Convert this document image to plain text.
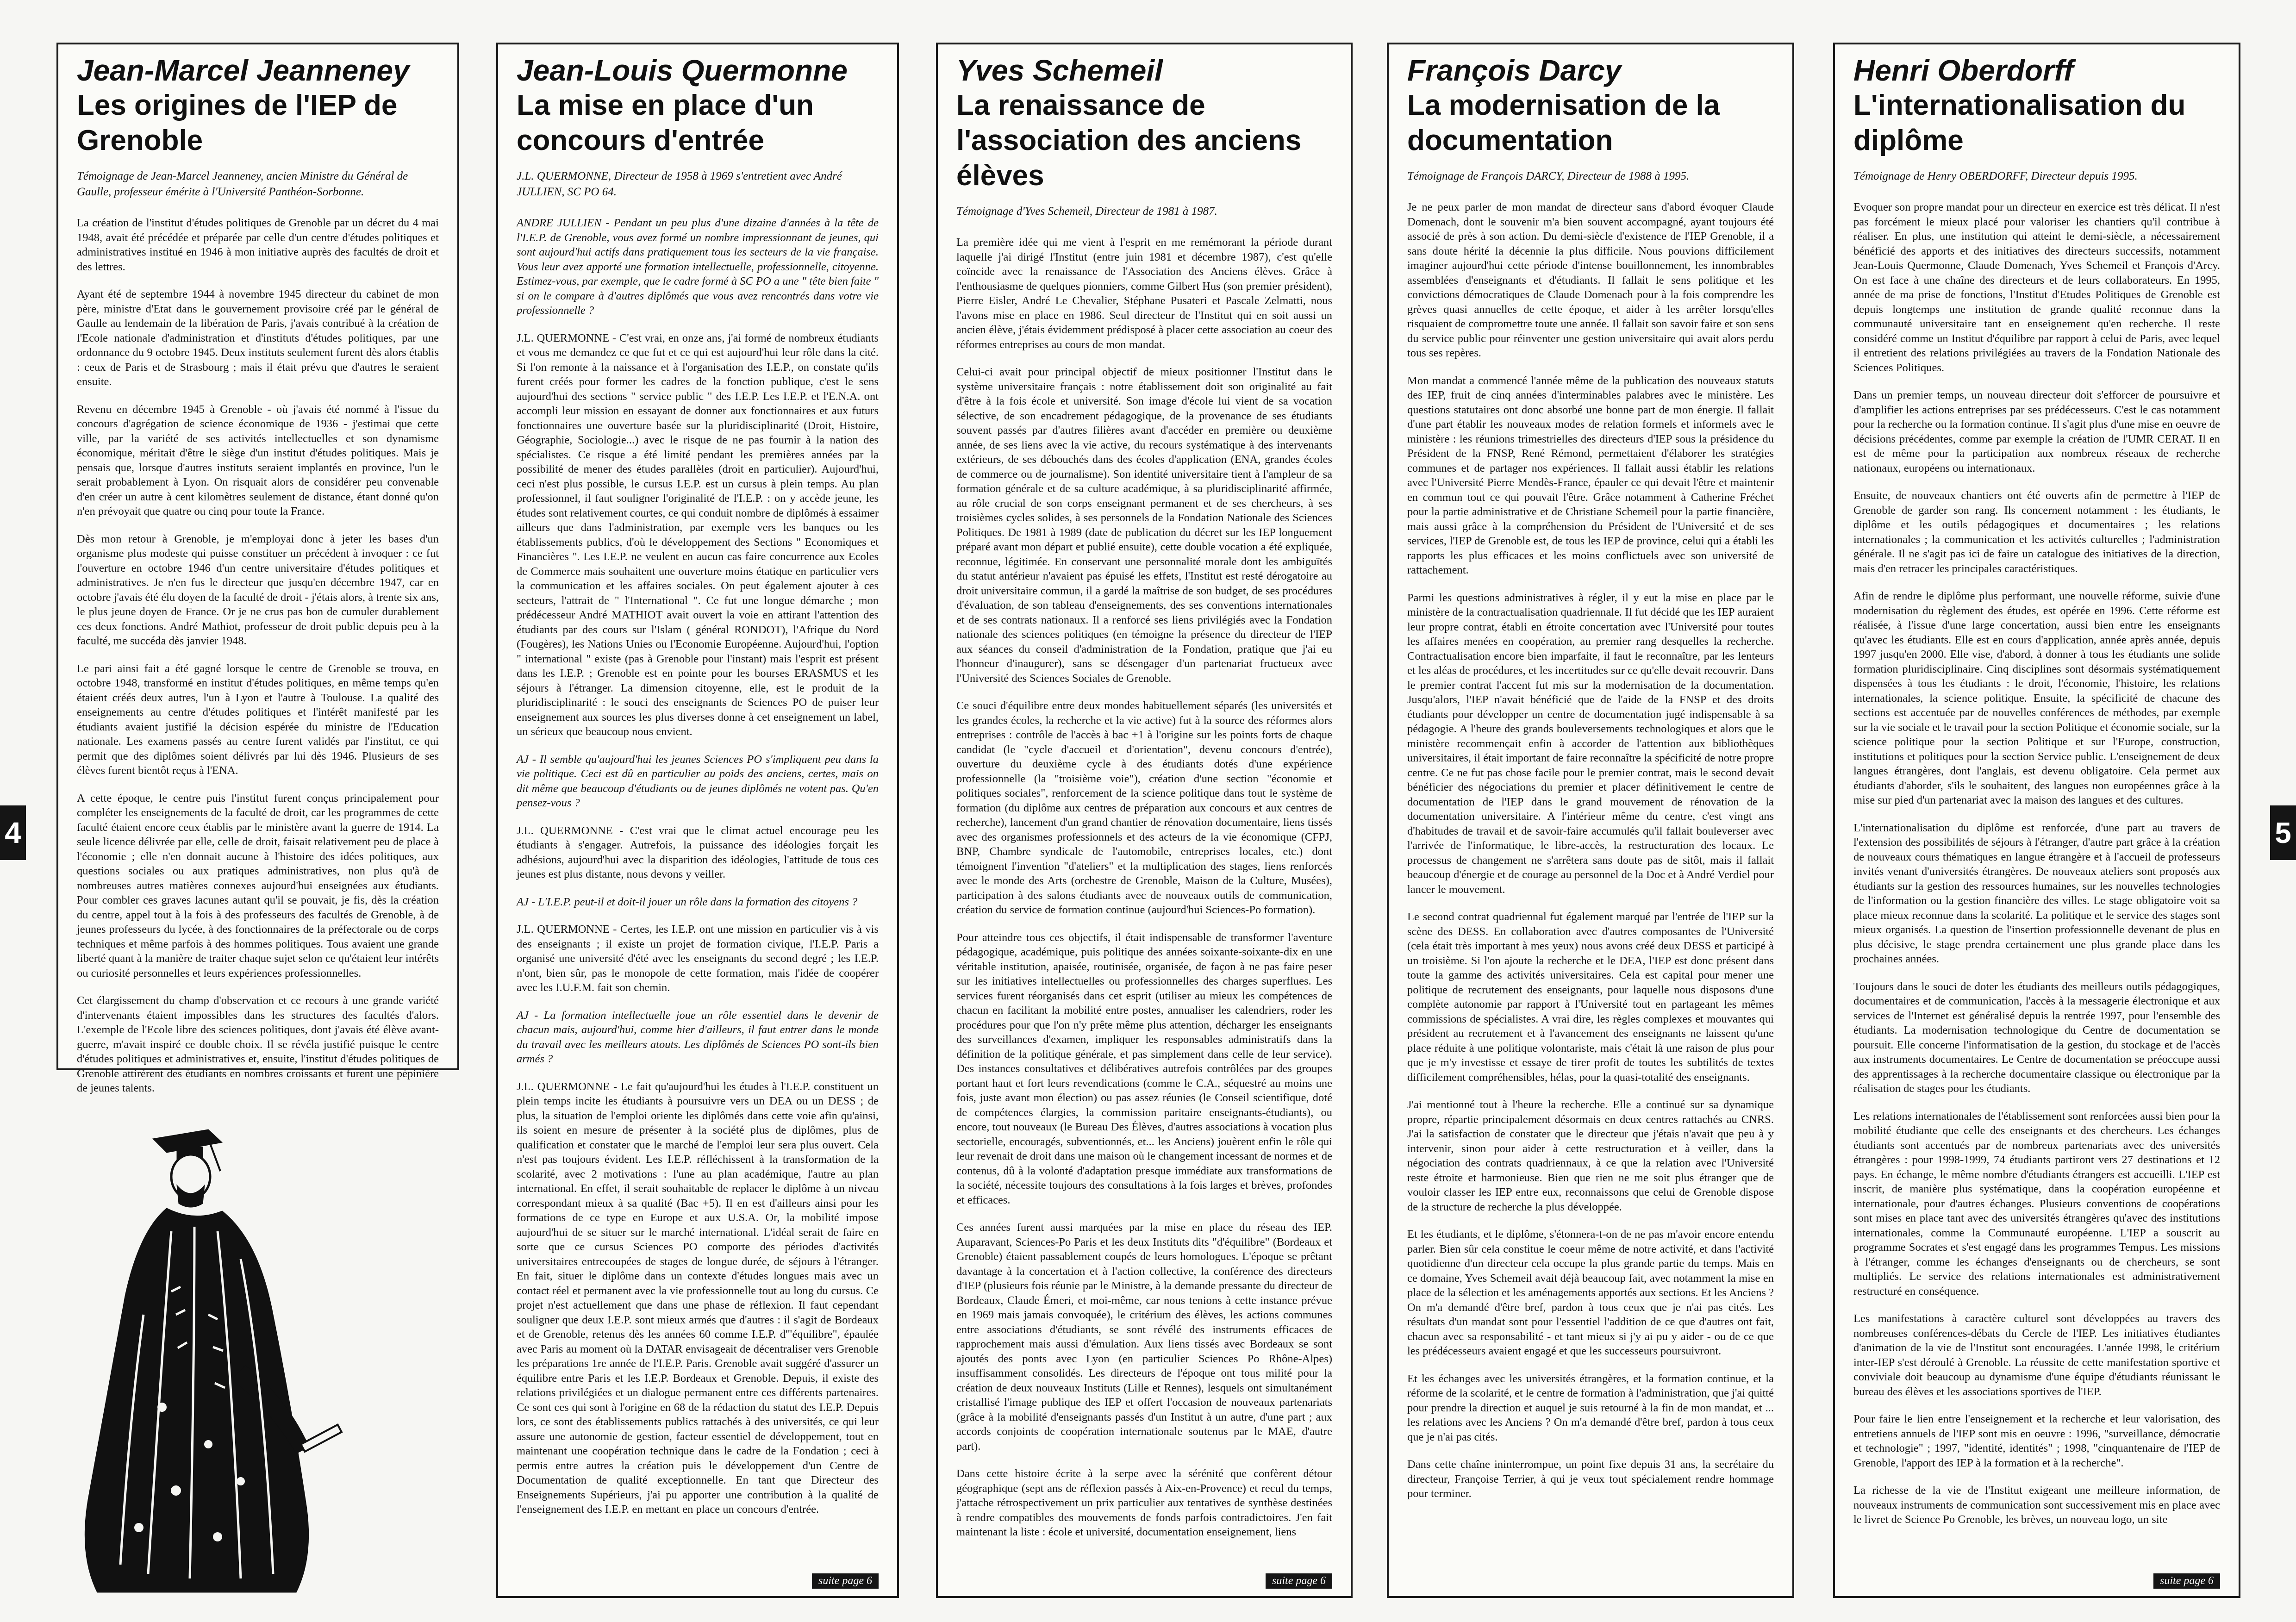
4	5
Jean-Marcel Jeanneney
Les origines de l'IEP de Grenoble

Témoignage de Jean-Marcel Jeanneney, ancien Ministre du Général de Gaulle, professeur émérite à l'Université Panthéon-Sorbonne.

La création de l'institut d'études politiques de Grenoble par un décret du 4 mai 1948, avait été précédée et préparée par celle d'un centre d'études politiques et administratives institué en 1946 à mon initiative auprès des facultés de droit et des lettres.

Ayant été de septembre 1944 à novembre 1945 directeur du cabinet de mon père, ministre d'Etat dans le gouvernement provisoire créé par le général de Gaulle au lendemain de la libération de Paris, j'avais contribué à la création de l'Ecole nationale d'administration et d'instituts d'études politiques, par une ordonnance du 9 octobre 1945. Deux instituts seulement furent dès alors établis : ceux de Paris et de Strasbourg ; mais il était prévu que d'autres le seraient ensuite.

Revenu en décembre 1945 à Grenoble - où j'avais été nommé à l'issue du concours d'agrégation de science économique de 1936 - j'estimai que cette ville, par la variété de ses activités intellectuelles et son dynamisme économique, méritait d'être le siège d'un institut d'études politiques. Mais je pensais que, lorsque d'autres instituts seraient implantés en province, l'un le serait probablement à Lyon. On risquait alors de considérer peu convenable d'en créer un autre à cent kilomètres seulement de distance, étant donné qu'on n'en prévoyait que quatre ou cinq pour toute la France.

Dès mon retour à Grenoble, je m'employai donc à jeter les bases d'un organisme plus modeste qui puisse constituer un précédent à invoquer : ce fut l'ouverture en octobre 1946 d'un centre universitaire d'études politiques et administratives. Je n'en fus le directeur que jusqu'en décembre 1947, car en octobre j'avais été élu doyen de la faculté de droit - j'étais alors, à trente six ans, le plus jeune doyen de France. Or je ne crus pas bon de cumuler durablement ces deux fonctions. André Mathiot, professeur de droit public depuis peu à la faculté, me succéda dès janvier 1948.

Le pari ainsi fait a été gagné lorsque le centre de Grenoble se trouva, en octobre 1948, transformé en institut d'études politiques, en même temps qu'en étaient créés deux autres, l'un à Lyon et l'autre à Toulouse. La qualité des enseignements au centre d'études politiques et l'intérêt manifesté par les étudiants avaient justifié la décision espérée du ministre de l'Education nationale. Les examens passés au centre furent validés par l'institut, ce qui permit que des diplômes soient délivrés par lui dès 1946. Plusieurs de ses élèves furent bientôt reçus à l'ENA.

A cette époque, le centre puis l'institut furent conçus principalement pour compléter les enseignements de la faculté de droit, car les programmes de cette faculté étaient encore ceux établis par le ministère avant la guerre de 1914. La seule licence délivrée par elle, celle de droit, faisait relativement peu de place à l'économie ; elle n'en donnait aucune à l'histoire des idées politiques, aux questions sociales ou aux pratiques administratives, non plus qu'à de nombreuses autres matières connexes aujourd'hui enseignées aux étudiants. Pour combler ces graves lacunes autant qu'il se pouvait, je fis, dès la création du centre, appel tout à la fois à des professeurs des facultés de Grenoble, à de jeunes professeurs du lycée, à des fonctionnaires de la préfectorale ou de corps techniques et même parfois à des hommes politiques. Tous avaient une grande liberté quant à la manière de traiter chaque sujet selon ce qu'étaient leur intérêts ou curiosité personnelles et leurs expériences professionnelles.

Cet élargissement du champ d'observation et ce recours à une grande variété d'intervenants étaient impossibles dans les structures des facultés d'alors. L'exemple de l'Ecole libre des sciences politiques, dont j'avais été élève avant-guerre, m'avait inspiré ce double choix. Il se révéla justifié puisque le centre d'études politiques et administratives et, ensuite, l'institut d'études politiques de Grenoble attirèrent des étudiants en nombres croissants et furent une pépinière de jeunes talents.

Jean-Louis Quermonne
La mise en place d'un concours d'entrée

J.L. QUERMONNE, Directeur de 1958 à 1969 s'entretient avec André JULLIEN, SC PO 64.

ANDRE JULLIEN - Pendant un peu plus d'une dizaine d'années à la tête de l'I.E.P. de Grenoble, vous avez formé un nombre impressionnant de jeunes, qui sont aujourd'hui actifs dans pratiquement tous les secteurs de la vie française. Vous leur avez apporté une formation intellectuelle, professionnelle, citoyenne. Estimez-vous, par exemple, que le cadre formé à SC PO a une " tête bien faite " si on le compare à d'autres diplômés que vous avez rencontrés dans votre vie professionnelle ?

J.L. QUERMONNE - C'est vrai, en onze ans, j'ai formé de nombreux étudiants et vous me demandez ce que fut et ce qui est aujourd'hui leur rôle dans la cité. Si l'on remonte à la naissance et à l'organisation des I.E.P., on constate qu'ils furent créés pour former les cadres de la fonction publique, c'est le sens aujourd'hui des sections " service public " des I.E.P. Les I.E.P. et l'E.N.A. ont accompli leur mission en essayant de donner aux fonctionnaires et aux futurs fonctionnaires une ouverture basée sur la pluridisciplinarité (Droit, Histoire, Géographie, Sociologie...) avec le risque de ne pas fournir à la nation des spécialistes. Ce risque a été limité pendant les premières années par la possibilité de mener des études parallèles (droit en particulier). Aujourd'hui, ceci n'est plus possible, le cursus I.E.P. est un cursus à plein temps. Au plan professionnel, il faut souligner l'originalité de l'I.E.P. : on y accède jeune, les études sont relativement courtes, ce qui conduit nombre de diplômés à essaimer ailleurs que dans l'administration, par exemple vers les banques ou les établissements publics, d'où le développement des Sections " Economiques et Financières ". Les I.E.P. ne veulent en aucun cas faire concurrence aux Ecoles de Commerce mais souhaitent une ouverture moins étatique en particulier vers la communication et les affaires sociales. On peut également ajouter à ces secteurs, l'attrait de " l'International ". Ce fut une longue démarche ; mon prédécesseur André MATHIOT avait ouvert la voie en attirant l'attention des étudiants par des cours sur l'Islam ( général RONDOT), l'Afrique du Nord (Fougères), les Nations Unies ou l'Economie Européenne. Aujourd'hui, l'option " international " existe (pas à Grenoble pour l'instant) mais l'esprit est présent dans les I.E.P. ; Grenoble est en pointe pour les bourses ERASMUS et les séjours à l'étranger. La dimension citoyenne, elle, est le produit de la pluridisciplinarité : le souci des enseignants de Sciences PO de puiser leur enseignement aux sources les plus diverses donne à cet enseignement un label, un sérieux que beaucoup nous envient.

AJ - Il semble qu'aujourd'hui les jeunes Sciences PO s'impliquent peu dans la vie politique. Ceci est dû en particulier au poids des anciens, certes, mais on dit même que beaucoup d'étudiants ou de jeunes diplômés ne votent pas. Qu'en pensez-vous ?

J.L. QUERMONNE - C'est vrai que le climat actuel encourage peu les étudiants à s'engager. Autrefois, la puissance des idéologies forçait les adhésions, aujourd'hui avec la disparition des idéologies, l'attitude de tous ces jeunes est plus distante, nous devons y veiller.

AJ - L'I.E.P. peut-il et doit-il jouer un rôle dans la formation des citoyens ?

J.L. QUERMONNE - Certes, les I.E.P. ont une mission en particulier vis à vis des enseignants ; il existe un projet de formation civique, l'I.E.P. Paris a organisé une université d'été avec les enseignants du second degré ; les I.E.P. n'ont, bien sûr, pas le monopole de cette formation, mais l'idée de coopérer avec les I.U.F.M. fait son chemin.

AJ - La formation intellectuelle joue un rôle essentiel dans le devenir de chacun mais, aujourd'hui, comme hier d'ailleurs, il faut entrer dans le monde du travail avec les meilleurs atouts. Les diplômés de Sciences PO sont-ils bien armés ?

J.L. QUERMONNE - Le fait qu'aujourd'hui les études à l'I.E.P. constituent un plein temps incite les étudiants à poursuivre vers un DEA ou un DESS ; de plus, la situation de l'emploi oriente les diplômés dans cette voie afin qu'ainsi, ils soient en mesure de présenter à la société plus de diplômes, plus de qualification et constater que le marché de l'emploi leur sera plus ouvert. Cela n'est pas toujours évident. Les I.E.P. réfléchissent à la transformation de la scolarité, avec 2 motivations : l'une au plan académique, l'autre au plan international. En effet, il serait souhaitable de replacer le diplôme à un niveau correspondant mieux à sa qualité (Bac +5). Il en est d'ailleurs ainsi pour les formations de ce type en Europe et aux U.S.A. Or, la mobilité impose aujourd'hui de se situer sur le marché international. L'idéal serait de faire en sorte que ce cursus Sciences PO comporte des périodes d'activités universitaires entrecoupées de stages de longue durée, de séjours à l'étranger. En fait, situer le diplôme dans un contexte d'études longues mais avec un contact réel et permanent avec la vie professionnelle tout au long du cursus. Ce projet n'est actuellement que dans une phase de réflexion. Il faut cependant souligner que deux I.E.P. sont mieux armés que d'autres : il s'agit de Bordeaux et de Grenoble, retenus dès les années 60 comme I.E.P. d'"équilibre", épaulée avec Paris au moment où la DATAR envisageait de décentraliser vers Grenoble les préparations 1re année de l'I.E.P. Paris. Grenoble avait suggéré d'assurer un équilibre entre Paris et les I.E.P. Bordeaux et Grenoble. Depuis, il existe des relations privilégiées et un dialogue permanent entre ces différents partenaires. Ce sont ces qui sont à l'origine en 68 de la rédaction du statut des I.E.P. Depuis lors, ce sont des établissements publics rattachés à des universités, ce qui leur assure une autonomie de gestion, facteur essentiel de développement, tout en maintenant une coopération technique dans le cadre de la Fondation ; ceci à permis entre autres la création puis le développement d'un Centre de Documentation de qualité exceptionnelle. En tant que Directeur des Enseignements Supérieurs, j'ai pu apporter une contribution à la qualité de l'enseignement des I.E.P. en mettant en place un concours d'entrée.

suite page 6
Yves Schemeil
La renaissance de l'association des anciens élèves

Témoignage d'Yves Schemeil, Directeur de 1981 à 1987.

La première idée qui me vient à l'esprit en me remémorant la période durant laquelle j'ai dirigé l'Institut (entre juin 1981 et décembre 1987), c'est qu'elle coïncide avec la renaissance de l'Association des Anciens élèves. Grâce à l'enthousiasme de quelques pionniers, comme Gilbert Hus (son premier président), Pierre Eisler, André Le Chevalier, Stéphane Pusateri et Pascale Zelmatti, nous l'avons mise en place en 1986. Seul directeur de l'Institut qui en soit aussi un ancien élève, j'étais évidemment prédisposé à placer cette association au coeur des réformes entreprises au cours de mon mandat.

Celui-ci avait pour principal objectif de mieux positionner l'Institut dans le système universitaire français : notre établissement doit son originalité au fait d'être à la fois école et université. Son image d'école lui vient de sa vocation sélective, de son encadrement pédagogique, de la provenance de ses étudiants souvent passés par d'autres filières avant d'accéder en première ou deuxième année, de ses liens avec la vie active, du recours systématique à des intervenants extérieurs, de ses débouchés dans des écoles d'application (ENA, grandes écoles de commerce ou de journalisme). Son identité universitaire tient à l'ampleur de sa formation générale et de sa culture académique, à sa pluridisciplinarité affirmée, au rôle crucial de son corps enseignant permanent et de ses chercheurs, à ses troisièmes cycles solides, à ses personnels de la Fondation Nationale des Sciences Politiques. De 1981 à 1989 (date de publication du décret sur les IEP longuement préparé avant mon départ et publié ensuite), cette double vocation a été expliquée, reconnue, légitimée. En conservant une personnalité morale dont les ambiguïtés du statut antérieur n'avaient pas épuisé les effets, l'Institut est resté dérogatoire au droit universitaire commun, il a gardé la maîtrise de son budget, de ses procédures d'évaluation, de son tableau d'enseignements, des ses conventions internationales et de ses contrats nationaux. Il a renforcé ses liens privilégiés avec la Fondation nationale des sciences politiques (en témoigne la présence du directeur de l'IEP aux séances du conseil d'administration de la Fondation, pratique que j'ai eu l'honneur d'inaugurer), sans se désengager d'un partenariat fructueux avec l'Université des Sciences Sociales de Grenoble.

Ce souci d'équilibre entre deux mondes habituellement séparés (les universités et les grandes écoles, la recherche et la vie active) fut à la source des réformes alors entreprises : contrôle de l'accès à bac +1 à l'origine sur les points forts de chaque candidat (le "cycle d'accueil et d'orientation", devenu concours d'entrée), ouverture du deuxième cycle à des étudiants dotés d'une expérience professionnelle (la "troisième voie"), création d'une section "économie et politiques sociales", renforcement de la science politique dans tout le système de formation (du diplôme aux centres de préparation aux concours et aux centres de recherche), lancement d'un grand chantier de rénovation documentaire, liens tissés avec des organismes professionnels et des acteurs de la vie économique (CFPJ, BNP, Chambre syndicale de l'automobile, entreprises locales, etc.) dont témoignent l'invention "d'ateliers" et la multiplication des stages, liens renforcés avec le monde des Arts (orchestre de Grenoble, Maison de la Culture, Musées), participation à des salons étudiants avec de nouveaux outils de communication, création du service de formation continue (aujourd'hui Sciences-Po formation).

Pour atteindre tous ces objectifs, il était indispensable de transformer l'aventure pédagogique, académique, puis politique des années soixante-soixante-dix en une véritable institution, apaisée, routinisée, organisée, de façon à ne pas faire peser sur les initiatives intellectuelles ou professionnelles des charges superflues. Les services furent réorganisés dans cet esprit (utiliser au mieux les compétences de chacun en facilitant la mobilité entre postes, annualiser les calendriers, roder les procédures pour que l'on n'y prête même plus attention, décharger les enseignants des surveillances d'examen, impliquer les responsables administratifs dans la définition de la politique générale, et pas simplement dans celle de leur service). Des instances consultatives et délibératives autrefois contrôlées par des groupes portant haut et fort leurs revendications (comme le C.A., séquestré au moins une fois, juste avant mon élection) ou pas assez réunies (le Conseil scientifique, doté de compétences élargies, la commission paritaire enseignants-étudiants), ou encore, tout nouveaux (le Bureau Des Élèves, d'autres associations à vocation plus sectorielle, encouragés, subventionnés, et... les Anciens) jouèrent enfin le rôle qui leur revenait de droit dans une maison où le changement incessant de normes et de contenus, dû à la volonté d'adaptation presque immédiate aux transformations de la société, nécessite toujours des consultations à la fois larges et brèves, profondes et efficaces.

Ces années furent aussi marquées par la mise en place du réseau des IEP. Auparavant, Sciences-Po Paris et les deux Instituts dits "d'équilibre" (Bordeaux et Grenoble) étaient passablement coupés de leurs homologues. L'époque se prêtant davantage à la concertation et à l'action collective, la conférence des directeurs d'IEP (plusieurs fois réunie par le Ministre, à la demande pressante du directeur de Bordeaux, Claude Émeri, et moi-même, car nous tenions à cette instance prévue en 1969 mais jamais convoquée), le critérium des élèves, les actions communes entre associations d'étudiants, se sont révélé des instruments efficaces de rapprochement mais aussi d'émulation. Aux liens tissés avec Bordeaux se sont ajoutés des ponts avec Lyon (en particulier Sciences Po Rhône-Alpes) insuffisamment consolidés. Les directeurs de l'époque ont tous milité pour la création de deux nouveaux Instituts (Lille et Rennes), lesquels ont simultanément cristallisé l'image publique des IEP et offert l'occasion de nouveaux partenariats (grâce à la mobilité d'enseignants passés d'un Institut à un autre, d'une part ; aux accords conjoints de coopération internationale soutenus par le MAE, d'autre part).

Dans cette histoire écrite à la serpe avec la sérénité que confèrent détour géographique (sept ans de réflexion passés à Aix-en-Provence) et recul du temps, j'attache rétrospectivement un prix particulier aux tentatives de synthèse destinées à rendre compatibles des mouvements de fonds parfois contradictoires. J'en fait maintenant la liste : école et université, documentation enseignement, liens

suite page 6
François Darcy
La modernisation de la documentation

Témoignage de François DARCY, Directeur de 1988 à 1995.

Je ne peux parler de mon mandat de directeur sans d'abord évoquer Claude Domenach, dont le souvenir m'a bien souvent accompagné, ayant toujours été associé de près à son action. Du demi-siècle d'existence de l'IEP Grenoble, il a sans doute hérité la décennie la plus difficile. Nous pouvions difficilement imaginer aujourd'hui cette période d'intense bouillonnement, les innombrables assemblées d'enseignants et d'étudiants. Il fallait le sens politique et les convictions démocratiques de Claude Domenach pour à la fois comprendre les grèves quasi annuelles de cette époque, et aider à les arrêter lorsqu'elles risquaient de compromettre toute une année. Il fallait son savoir faire et son sens du service public pour réinventer une gestion universitaire qui avait alors perdu tous ses repères.

Mon mandat a commencé l'année même de la publication des nouveaux statuts des IEP, fruit de cinq années d'interminables palabres avec le ministère. Les questions statutaires ont donc absorbé une bonne part de mon énergie. Il fallait d'une part établir les nouveaux modes de relation formels et informels avec le ministère : les réunions trimestrielles des directeurs d'IEP sous la présidence du Président de la FNSP, René Rémond, permettaient d'élaborer les stratégies communes et de partager nos expériences. Il fallait aussi établir les relations avec l'Université Pierre Mendès-France, épauler ce qui devait l'être et maintenir en commun tout ce qui pouvait l'être. Grâce notamment à Catherine Fréchet pour la partie administrative et de Christiane Schemeil pour la partie financière, mais aussi grâce à la compréhension du Président de l'Université et de ses services, l'IEP de Grenoble est, de tous les IEP de province, celui qui a établi les rapports les plus efficaces et les moins conflictuels avec son université de rattachement.

Parmi les questions administratives à régler, il y eut la mise en place par le ministère de la contractualisation quadriennale. Il fut décidé que les IEP auraient leur propre contrat, établi en étroite concertation avec l'Université pour toutes les affaires menées en coopération, au premier rang desquelles la recherche. Contractualisation encore bien imparfaite, il faut le reconnaître, par les lenteurs et les aléas de procédures, et les incertitudes sur ce qu'elle devait recouvrir. Dans le premier contrat l'accent fut mis sur la modernisation de la documentation. Jusqu'alors, l'IEP n'avait bénéficié que de l'aide de la FNSP et des droits étudiants pour développer un centre de documentation jugé indispensable à sa pédagogie. A l'heure des grands bouleversements technologiques et alors que le ministère recommençait enfin à accorder de l'attention aux bibliothèques universitaires, il était important de faire reconnaître la spécificité de notre propre centre. Ce ne fut pas chose facile pour le premier contrat, mais le second devait bénéficier des négociations du premier et placer définitivement le centre de documentation de l'IEP dans le grand mouvement de rénovation de la documentation universitaire. A l'intérieur même du centre, c'est vingt ans d'habitudes de travail et de savoir-faire accumulés qu'il fallait bouleverser avec l'arrivée de l'informatique, le libre-accès, la restructuration des locaux. Le processus de changement ne s'arrêtera sans doute pas de sitôt, mais il fallait beaucoup d'énergie et de courage au personnel de la Doc et à André Verdiel pour lancer le mouvement.

Le second contrat quadriennal fut également marqué par l'entrée de l'IEP sur la scène des DESS. En collaboration avec d'autres composantes de l'Université (cela était très important à mes yeux) nous avons créé deux DESS et participé à un troisième. Si l'on ajoute la recherche et le DEA, l'IEP est donc présent dans toute la gamme des activités universitaires. Cela est capital pour mener une politique de recrutement des enseignants, pour laquelle nous disposons d'une complète autonomie par rapport à l'Université tout en partageant les mêmes commissions de spécialistes. A vrai dire, les règles complexes et mouvantes qui président au recrutement et à l'avancement des enseignants ne laissent qu'une place réduite à une politique volontariste, mais c'était là une raison de plus pour que je m'y investisse et essaye de tirer profit de toutes les subtilités de textes difficilement compréhensibles, hélas, pour la quasi-totalité des enseignants.

J'ai mentionné tout à l'heure la recherche. Elle a continué sur sa dynamique propre, répartie principalement désormais en deux centres rattachés au CNRS. J'ai la satisfaction de constater que le directeur que j'étais n'avait que peu à y intervenir, sinon pour aider à cette restructuration et à veiller, dans la négociation des contrats quadriennaux, à ce que la relation avec l'Université reste étroite et harmonieuse. Bien que rien ne me soit plus étranger que de vouloir classer les IEP entre eux, reconnaissons que celui de Grenoble dispose de la structure de recherche la plus développée.

Et les étudiants, et le diplôme, s'étonnera-t-on de ne pas m'avoir encore entendu parler. Bien sûr cela constitue le coeur même de notre activité, et dans l'activité quotidienne d'un directeur cela occupe la plus grande partie du temps. Mais en ce domaine, Yves Schemeil avait déjà beaucoup fait, avec notamment la mise en place de la sélection et les aménagements apportés aux sections. Et les Anciens ? On m'a demandé d'être bref, pardon à tous ceux que je n'ai pas cités. Les résultats d'un mandat sont pour l'essentiel l'addition de ce que d'autres ont fait, chacun avec sa responsabilité - et tant mieux si j'y ai pu y aider - ou de ce que les prédécesseurs avaient engagé et que les successeurs poursuivront.

Et les échanges avec les universités étrangères, et la formation continue, et la réforme de la scolarité, et le centre de formation à l'administration, que j'ai quitté pour prendre la direction et auquel je suis retourné à la fin de mon mandat, et ... les relations avec les Anciens ? On m'a demandé d'être bref, pardon à tous ceux que je n'ai pas cités.

Dans cette chaîne ininterrompue, un point fixe depuis 31 ans, la secrétaire du directeur, Françoise Terrier, à qui je veux tout spécialement rendre hommage pour terminer.

Henri Oberdorff
L'internationalisation du diplôme

Témoignage de Henry OBERDORFF, Directeur depuis 1995.

Evoquer son propre mandat pour un directeur en exercice est très délicat. Il n'est pas forcément le mieux placé pour valoriser les chantiers qu'il contribue à réaliser. En plus, une institution qui atteint le demi-siècle, a nécessairement bénéficié des apports et des initiatives des directeurs successifs, notamment Jean-Louis Quermonne, Claude Domenach, Yves Schemeil et François d'Arcy. On est face à une chaîne des directeurs et de leurs collaborateurs. En 1995, année de ma prise de fonctions, l'Institut d'Etudes Politiques de Grenoble est depuis longtemps une institution de grande qualité reconnue dans la communauté universitaire tant en enseignement qu'en recherche. Il reste considéré comme un Institut d'équilibre par rapport à celui de Paris, avec lequel il entretient des relations privilégiées au travers de la Fondation Nationale des Sciences Politiques.

Dans un premier temps, un nouveau directeur doit s'efforcer de poursuivre et d'amplifier les actions entreprises par ses prédécesseurs. C'est le cas notamment pour la recherche ou la formation continue. Il s'agit plus d'une mise en oeuvre de décisions précédentes, comme par exemple la création de l'UMR CERAT. Il en est de même pour la participation aux nombreux réseaux de recherche nationaux, européens ou internationaux.

Ensuite, de nouveaux chantiers ont été ouverts afin de permettre à l'IEP de Grenoble de garder son rang. Ils concernent notamment : les étudiants, le diplôme et les outils pédagogiques et documentaires ; les relations internationales ; la communication et les activités culturelles ; l'administration générale. Il ne s'agit pas ici de faire un catalogue des initiatives de la direction, mais d'en retracer les principales caractéristiques.

Afin de rendre le diplôme plus performant, une nouvelle réforme, suivie d'une modernisation du règlement des études, est opérée en 1996. Cette réforme est réalisée, à l'issue d'une large concertation, aussi bien entre les enseignants qu'avec les étudiants. Elle est en cours d'application, année après année, depuis 1997 jusqu'en 2000. Elle vise, d'abord, à donner à tous les étudiants une solide formation pluridisciplinaire. Cinq disciplines sont désormais systématiquement dispensées à tous les étudiants : le droit, l'économie, l'histoire, les relations internationales, la science politique. Ensuite, la spécificité de chacune des sections est accentuée par de nouvelles conférences de méthodes, par exemple sur la vie sociale et le travail pour la section Politique et économie sociale, sur la science politique pour la section Politique et sur l'Europe, construction, institutions et politiques pour la section Service public. L'enseignement de deux langues étrangères, dont l'anglais, est devenu obligatoire. Cela permet aux étudiants d'aborder, s'ils le souhaitent, des langues non européennes grâce à la mise sur pied d'un partenariat avec la maison des langues et des cultures.

L'internationalisation du diplôme est renforcée, d'une part au travers de l'extension des possibilités de séjours à l'étranger, d'autre part grâce à la création de nouveaux cours thématiques en langue étrangère et à l'accueil de professeurs invités venant d'universités étrangères. De nouveaux ateliers sont proposés aux étudiants sur la gestion des ressources humaines, sur les nouvelles technologies de l'information ou la gestion financière des villes. Le stage obligatoire voit sa place mieux reconnue dans la scolarité. La politique et le service des stages sont mieux organisés. La question de l'insertion professionnelle devenant de plus en plus décisive, le stage prendra certainement une plus grande place dans les prochaines années.

Toujours dans le souci de doter les étudiants des meilleurs outils pédagogiques, documentaires et de communication, l'accès à la messagerie électronique et aux services de l'Internet est généralisé depuis la rentrée 1997, pour l'ensemble des étudiants. La modernisation technologique du Centre de documentation se poursuit. Elle concerne l'informatisation de la gestion, du stockage et de l'accès aux instruments documentaires. Le Centre de documentation se préoccupe aussi des apprentissages à la recherche documentaire classique ou électronique par la réalisation de stages pour les étudiants.

Les relations internationales de l'établissement sont renforcées aussi bien pour la mobilité étudiante que celle des enseignants et des chercheurs. Les échanges étudiants sont accentués par de nombreux partenariats avec des universités étrangères : pour 1998-1999, 74 étudiants partiront vers 27 destinations et 12 pays. En échange, le même nombre d'étudiants étrangers est accueilli. L'IEP est inscrit, de manière plus systématique, dans la coopération européenne et internationale, pour d'autres échanges. Plusieurs conventions de coopérations sont mises en place tant avec des universités étrangères qu'avec des institutions internationales, comme la Communauté européenne. L'IEP a souscrit au programme Socrates et s'est engagé dans les programmes Tempus. Les missions à l'étranger, comme les échanges d'enseignants ou de chercheurs, se sont multipliés. Le service des relations internationales est administrativement restructuré en conséquence.

Les manifestations à caractère culturel sont développées au travers des nombreuses conférences-débats du Cercle de l'IEP. Les initiatives étudiantes d'animation de la vie de l'Institut sont encouragées. L'année 1998, le critérium inter-IEP s'est déroulé à Grenoble. La réussite de cette manifestation sportive et conviviale doit beaucoup au dynamisme d'une équipe d'étudiants réunissant le bureau des élèves et les associations sportives de l'IEP.

Pour faire le lien entre l'enseignement et la recherche et leur valorisation, des entretiens annuels de l'IEP sont mis en oeuvre : 1996, "surveillance, démocratie et technologie" ; 1997, "identité, identités" ; 1998, "cinquantenaire de l'IEP de Grenoble, l'apport des IEP à la formation et à la recherche".

La richesse de la vie de l'Institut exigeant une meilleure information, de nouveaux instruments de communication sont successivement mis en place avec le livret de Science Po Grenoble, les brèves, un nouveau logo, un site

suite page 6
